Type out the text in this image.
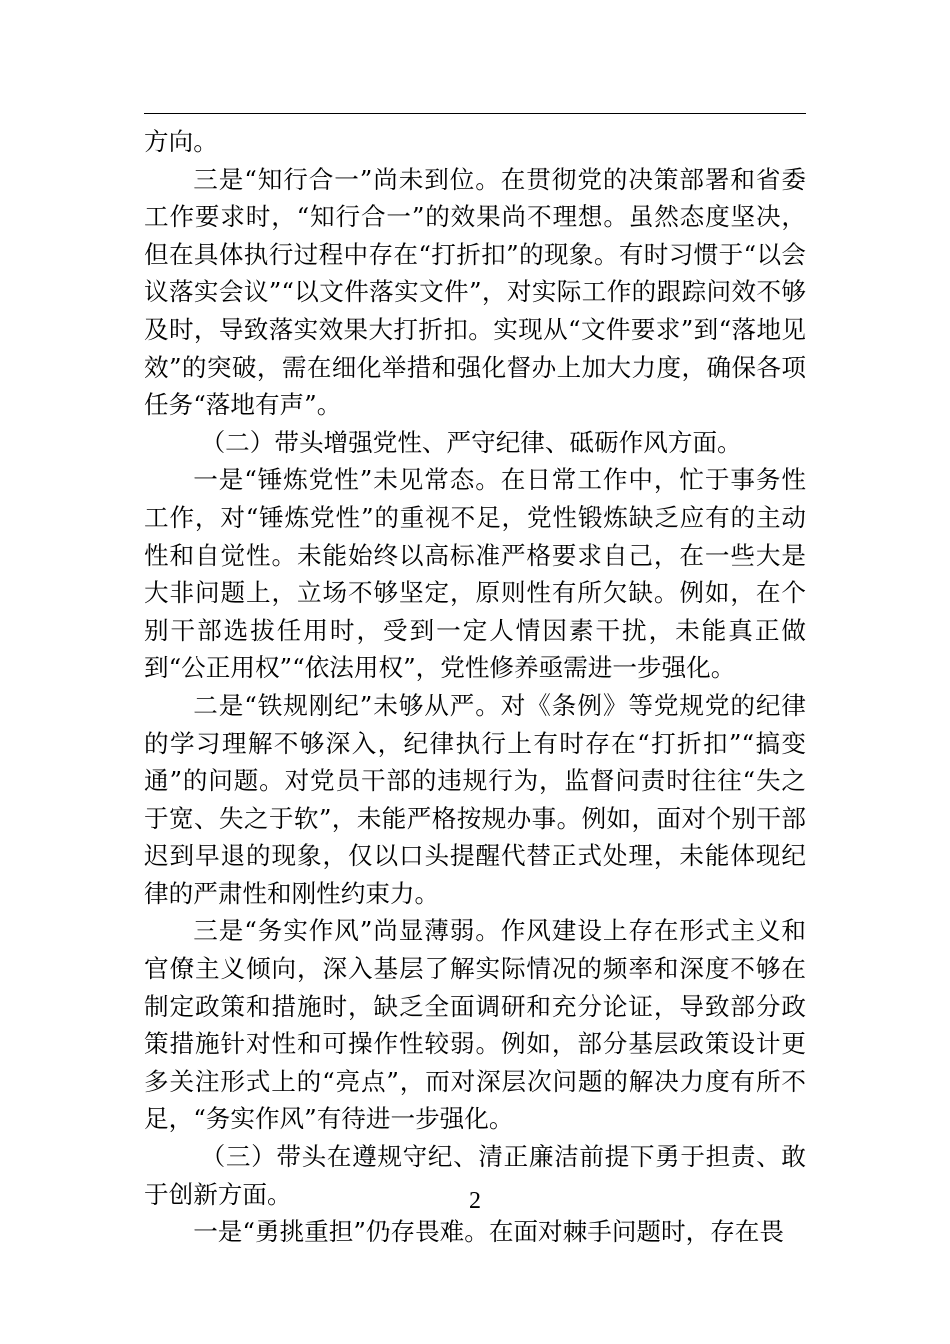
方向。

三是“知行合一”尚未到位。在贯彻党的决策部署和省委工作要求时，“知行合一”的效果尚不理想。虽然态度坚决，但在具体执行过程中存在“打折扣”的现象。有时习惯于“以会议落实会议”“以文件落实文件”，对实际工作的跟踪问效不够及时，导致落实效果大打折扣。实现从“文件要求”到“落地见效”的突破，需在细化举措和强化督办上加大力度，确保各项任务“落地有声”。

（二）带头增强党性、严守纪律、砥砺作风方面。

一是“锤炼党性”未见常态。在日常工作中，忙于事务性工作，对“锤炼党性”的重视不足，党性锻炼缺乏应有的主动性和自觉性。未能始终以高标准严格要求自己，在一些大是大非问题上，立场不够坚定，原则性有所欠缺。例如，在个别干部选拔任用时，受到一定人情因素干扰，未能真正做到“公正用权”“依法用权”，党性修养亟需进一步强化。

二是“铁规刚纪”未够从严。对《条例》等党规党的纪律的学习理解不够深入，纪律执行上有时存在“打折扣”“搞变通”的问题。对党员干部的违规行为，监督问责时往往“失之于宽、失之于软”，未能严格按规办事。例如，面对个别干部迟到早退的现象，仅以口头提醒代替正式处理，未能体现纪律的严肃性和刚性约束力。

三是“务实作风”尚显薄弱。作风建设上存在形式主义和官僚主义倾向，深入基层了解实际情况的频率和深度不够在制定政策和措施时，缺乏全面调研和充分论证，导致部分政策措施针对性和可操作性较弱。例如，部分基层政策设计更多关注形式上的“亮点”，而对深层次问题的解决力度有所不足，“务实作风”有待进一步强化。

（三）带头在遵规守纪、清正廉洁前提下勇于担责、敢于创新方面。

一是“勇挑重担”仍存畏难。在面对棘手问题时，存在畏

2
